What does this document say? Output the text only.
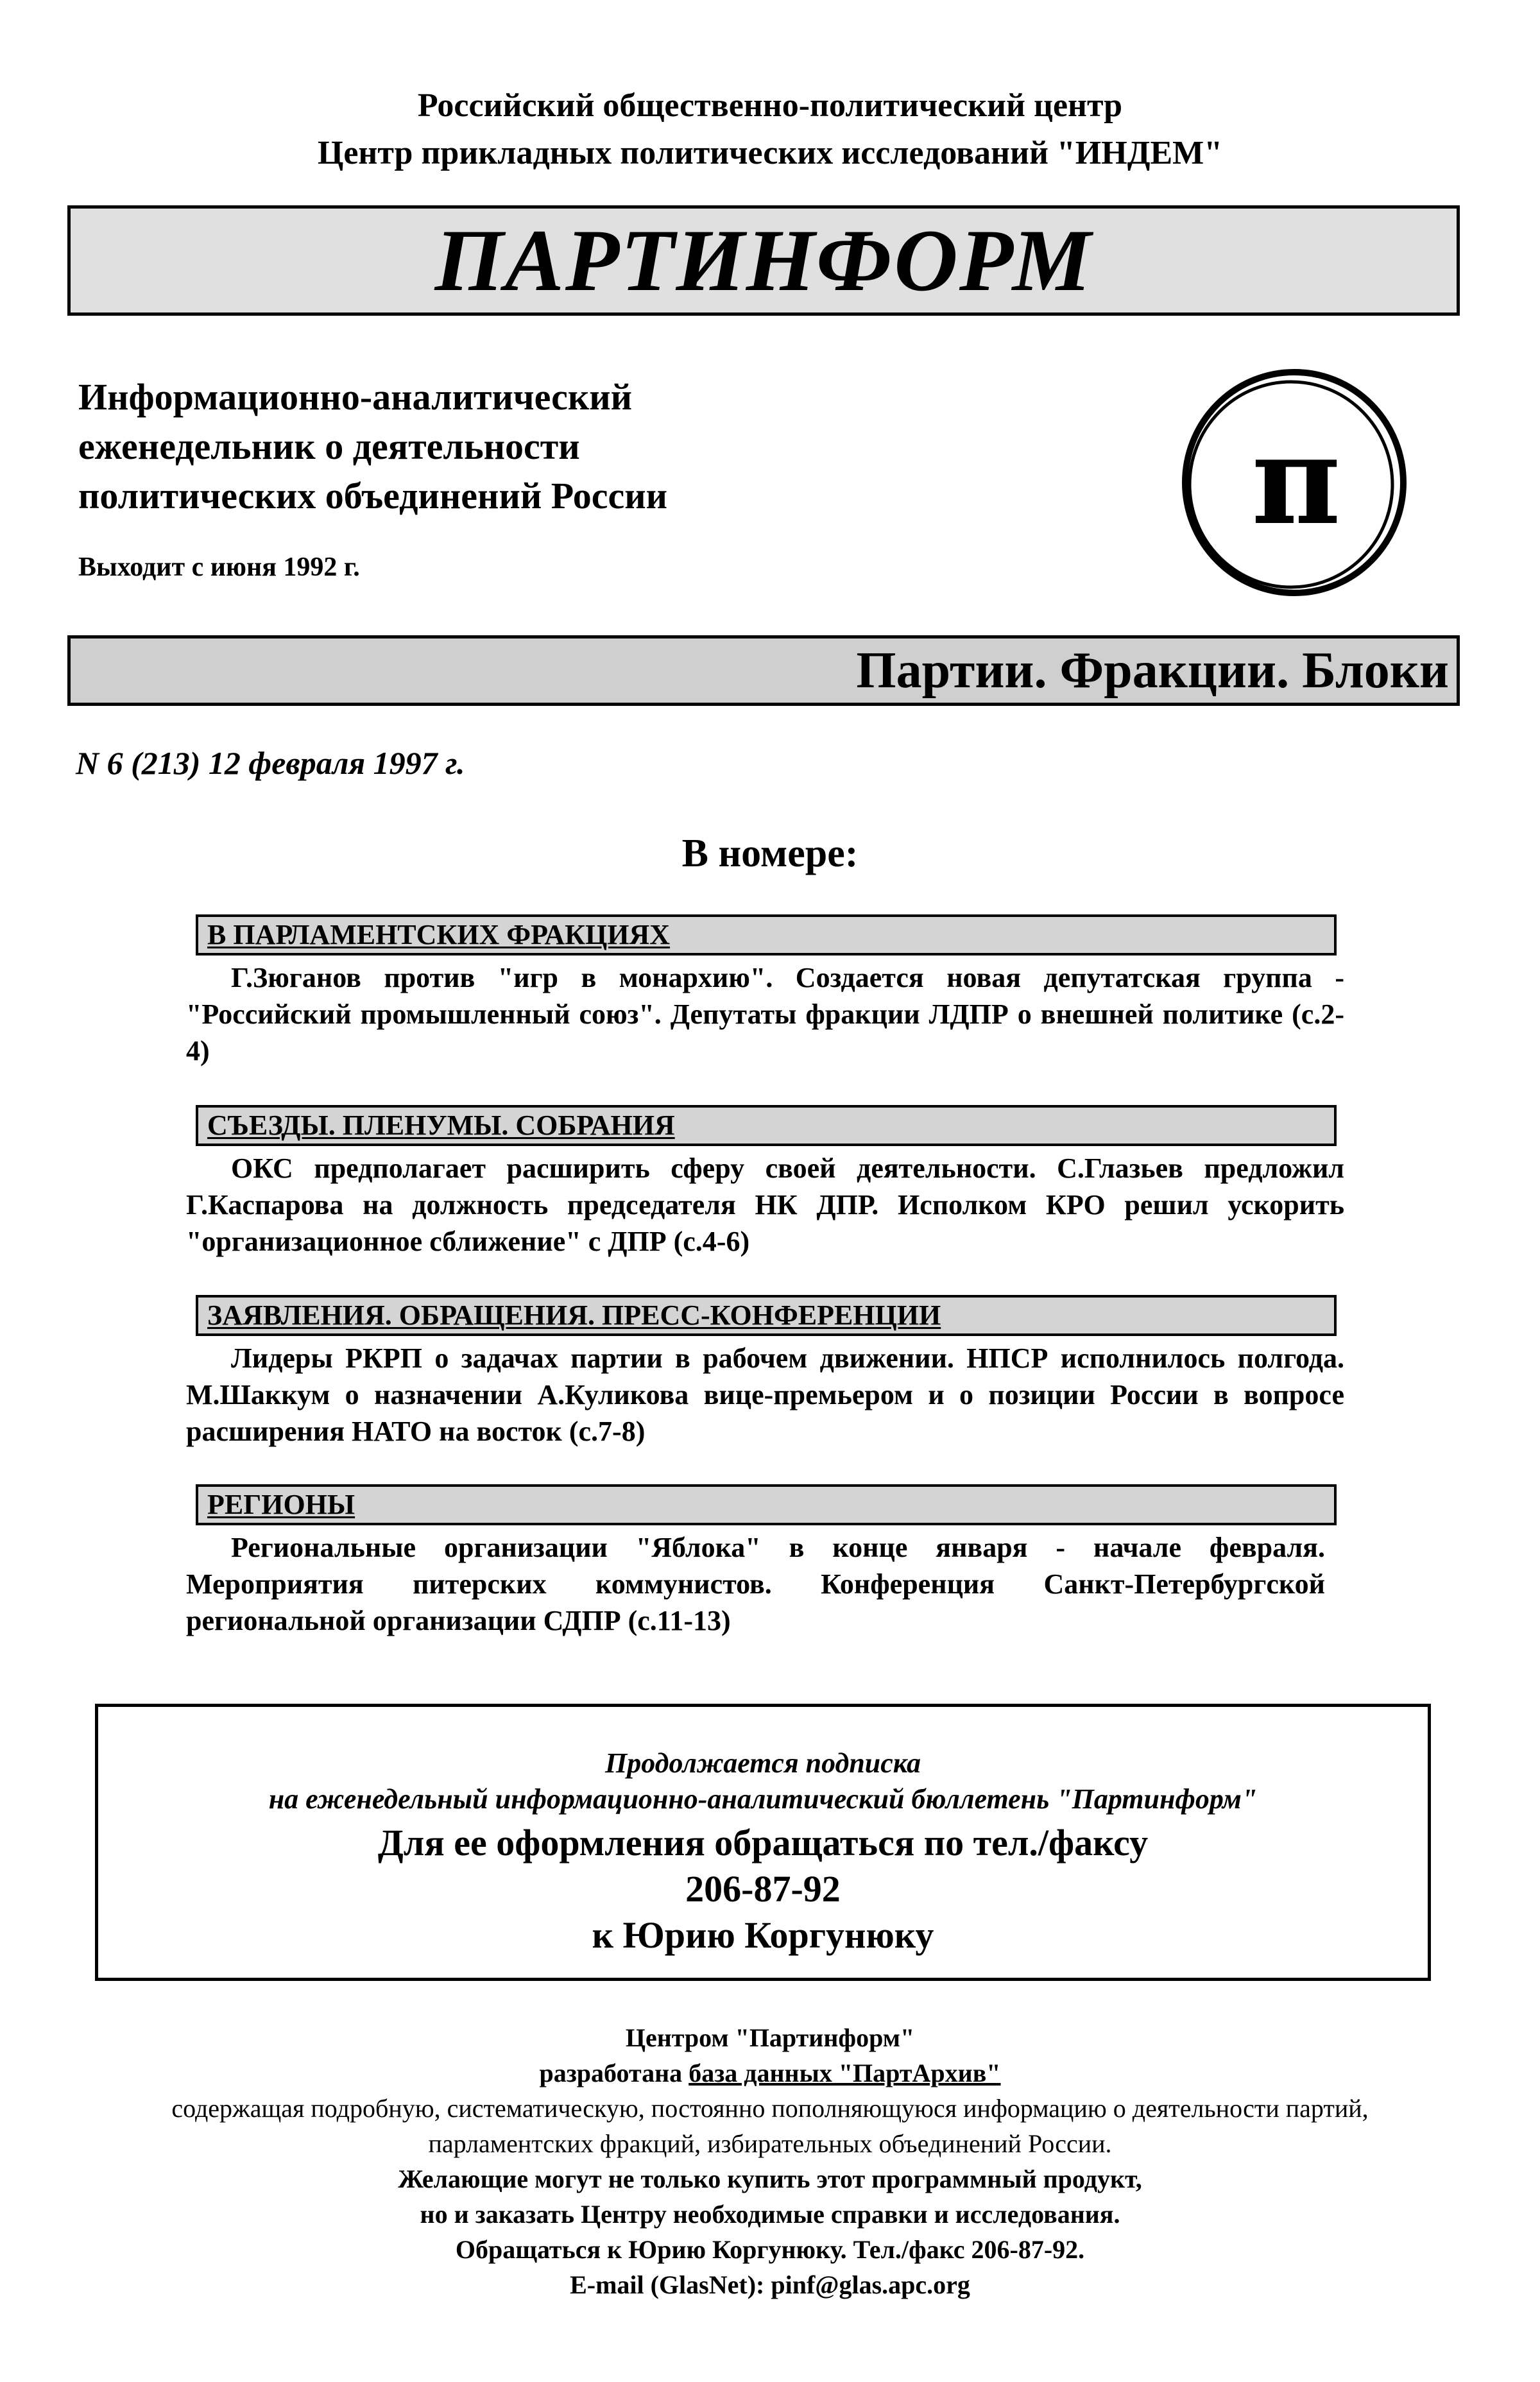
Российский общественно-политический центр
Центр прикладных политических исследований "ИНДЕМ"
ПАРТИНФОРМ
Информационно-аналитический
еженедельник о деятельности
политических объединений России
Выходит с июня 1992 г.
π
Партии. Фракции. Блоки
N 6 (213) 12 февраля 1997 г.
В номере:
В ПАРЛАМЕНТСКИХ ФРАКЦИЯХ
Г.Зюганов против "игр в монархию". Создается новая депутатская группа - "Российский промышленный союз". Депутаты фракции ЛДПР о внешней политике (с.2-4)
СЪЕЗДЫ. ПЛЕНУМЫ. СОБРАНИЯ
ОКС предполагает расширить сферу своей деятельности. С.Глазьев предложил Г.Каспарова на должность председателя НК ДПР. Исполком КРО решил ускорить "организационное сближение" с ДПР (с.4-6)
ЗАЯВЛЕНИЯ. ОБРАЩЕНИЯ. ПРЕСС-КОНФЕРЕНЦИИ
Лидеры РКРП о задачах партии в рабочем движении. НПСР исполнилось полгода. М.Шаккум о назначении А.Куликова вице-премьером и о позиции России в вопросе расширения НАТО на восток (с.7-8)
РЕГИОНЫ
Региональные организации "Яблока" в конце января - начале февраля. Мероприятия питерских коммунистов. Конференция Санкт-Петербургской региональной организации СДПР (с.11-13)
Продолжается подписка
на еженедельный информационно-аналитический бюллетень "Партинформ"
Для ее оформления обращаться по тел./факсу
206-87-92
к Юрию Коргунюку
Центром "Партинформ"
разработана база данных "ПартАрхив"
содержащая подробную, систематическую, постоянно пополняющуюся информацию о деятельности партий,
парламентских фракций, избирательных объединений России.
Желающие могут не только купить этот программный продукт,
но и заказать Центру необходимые справки и исследования.
Обращаться к Юрию Коргунюку. Тел./факс 206-87-92.
E-mail (GlasNet): pinf@glas.apc.org
